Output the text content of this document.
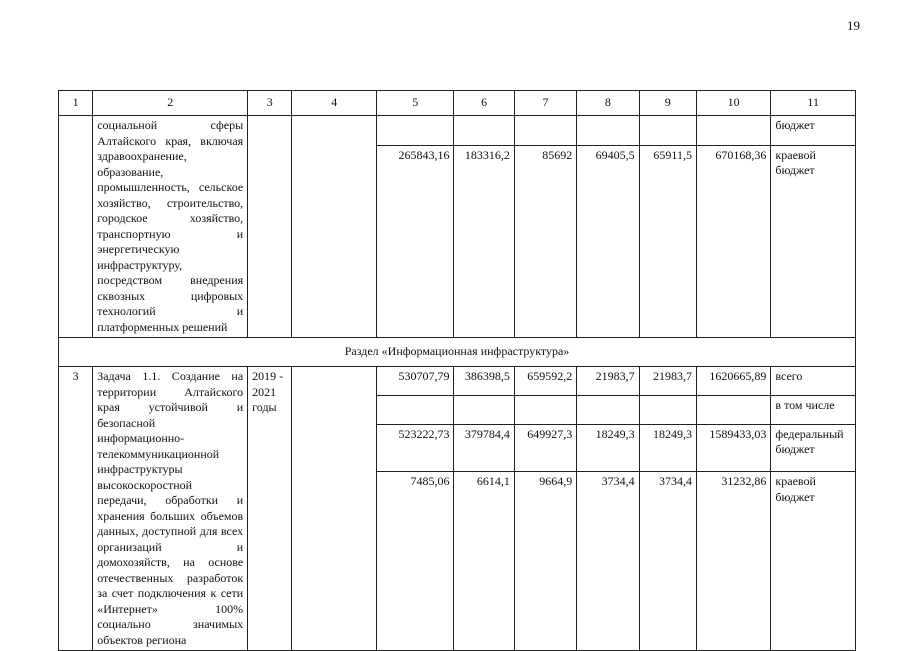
19
1	2	3	4	5	6	7	8	9	10	11
	социальной сферы Алтайского края, включая здравоохранение, образование, промышленность, сельское хозяйство, строительство, городское хозяйство, транспортную и энергетическую инфраструктуру, посредством внедрения сквозных цифровых технологий и платформенных решений									бюджет
				265843,16	183316,2	85692	69405,5	65911,5	670168,36	краевой бюджет
Раздел «Информационная инфраструктура»										
3	Задача 1.1. Создание на территории Алтайского края устойчивой и безопасной информационно-телекоммуникационной инфраструктуры высокоскоростной передачи, обработки и хранения больших объемов данных, доступной для всех организаций и домохозяйств, на основе отечественных разработок за счет подключения к сети «Интернет» 100% социально значимых объектов региона	2019 - 2021 годы		530707,79	386398,5	659592,2	21983,7	21983,7	1620665,89	всего
										в том числе
				523222,73	379784,4	649927,3	18249,3	18249,3	1589433,03	федеральный бюджет
				7485,06	6614,1	9664,9	3734,4	3734,4	31232,86	краевой бюджет
